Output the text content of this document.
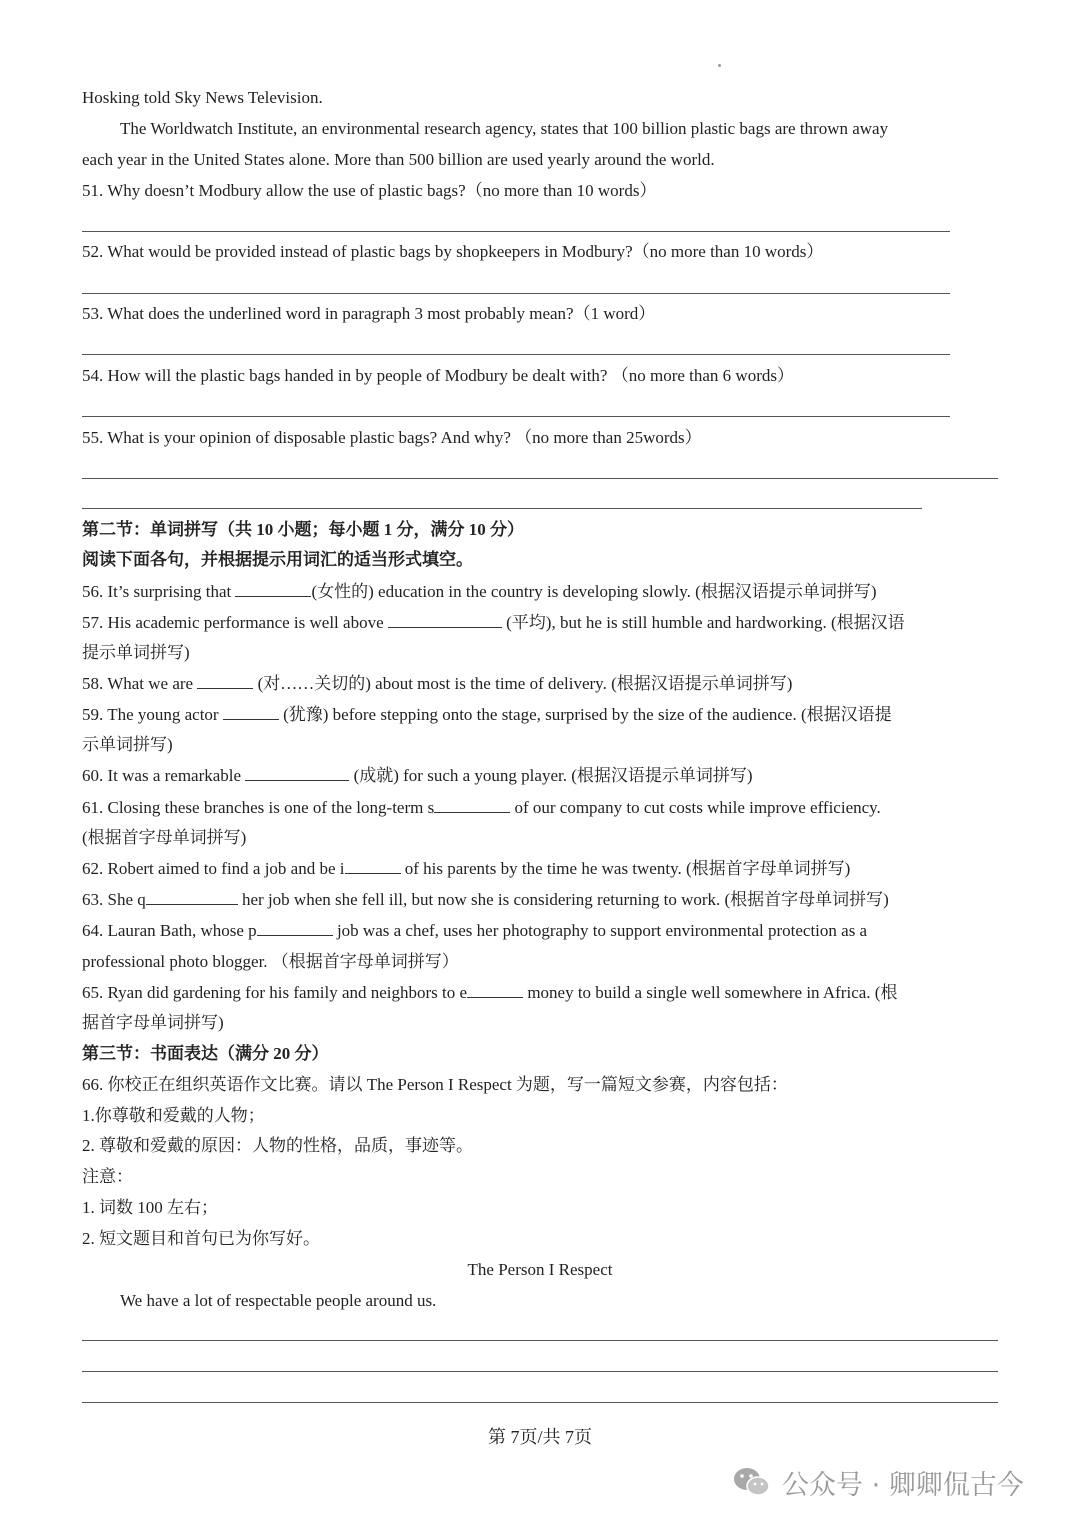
Hosking told Sky News Television.
The Worldwatch Institute, an environmental research agency, states that 100 billion plastic bags are thrown away
each year in the United States alone. More than 500 billion are used yearly around the world.
51. Why doesn’t Modbury allow the use of plastic bags?（no more than 10 words）
52. What would be provided instead of plastic bags by shopkeepers in Modbury?（no more than 10 words）
53. What does the underlined word in paragraph 3 most probably mean?（1 word）
54. How will the plastic bags handed in by people of Modbury be dealt with? （no more than 6 words）
55. What is your opinion of disposable plastic bags? And why? （no more than 25words）
第二节：单词拼写（共 10 小题；每小题 1 分，满分 10 分）
阅读下面各句，并根据提示用词汇的适当形式填空。
56. It’s surprising that	(女性的) education in the country is developing slowly. (根据汉语提示单词拼写)
57. His academic performance is well above	(平均), but he is still humble and hardworking. (根据汉语
提示单词拼写)
58. What we are	(对……关切的) about most is the time of delivery. (根据汉语提示单词拼写)
59. The young actor	(犹豫) before stepping onto the stage, surprised by the size of the audience. (根据汉语提
示单词拼写)
60. It was a remarkable	(成就) for such a young player. (根据汉语提示单词拼写)
61. Closing these branches is one of the long-term s	of our company to cut costs while improve efficiency.
(根据首字母单词拼写)
62. Robert aimed to find a job and be i	of his parents by the time he was twenty. (根据首字母单词拼写)
63. She q	her job when she fell ill, but now she is considering returning to work. (根据首字母单词拼写)
64. Lauran Bath, whose p	job was a chef, uses her photography to support environmental protection as a
professional photo blogger. （根据首字母单词拼写）
65. Ryan did gardening for his family and neighbors to e	money to build a single well somewhere in Africa. (根
据首字母单词拼写)
第三节：书面表达（满分 20 分）
66. 你校正在组织英语作文比赛。请以 The Person I Respect 为题，写一篇短文参赛，内容包括：
1.你尊敬和爱戴的人物；
2. 尊敬和爱戴的原因：人物的性格，品质，事迹等。
注意：
1. 词数 100 左右；
2. 短文题目和首句已为你写好。
The Person I Respect
We have a lot of respectable people around us.
第 7页/共 7页
公众号 · 卿卿侃古今
